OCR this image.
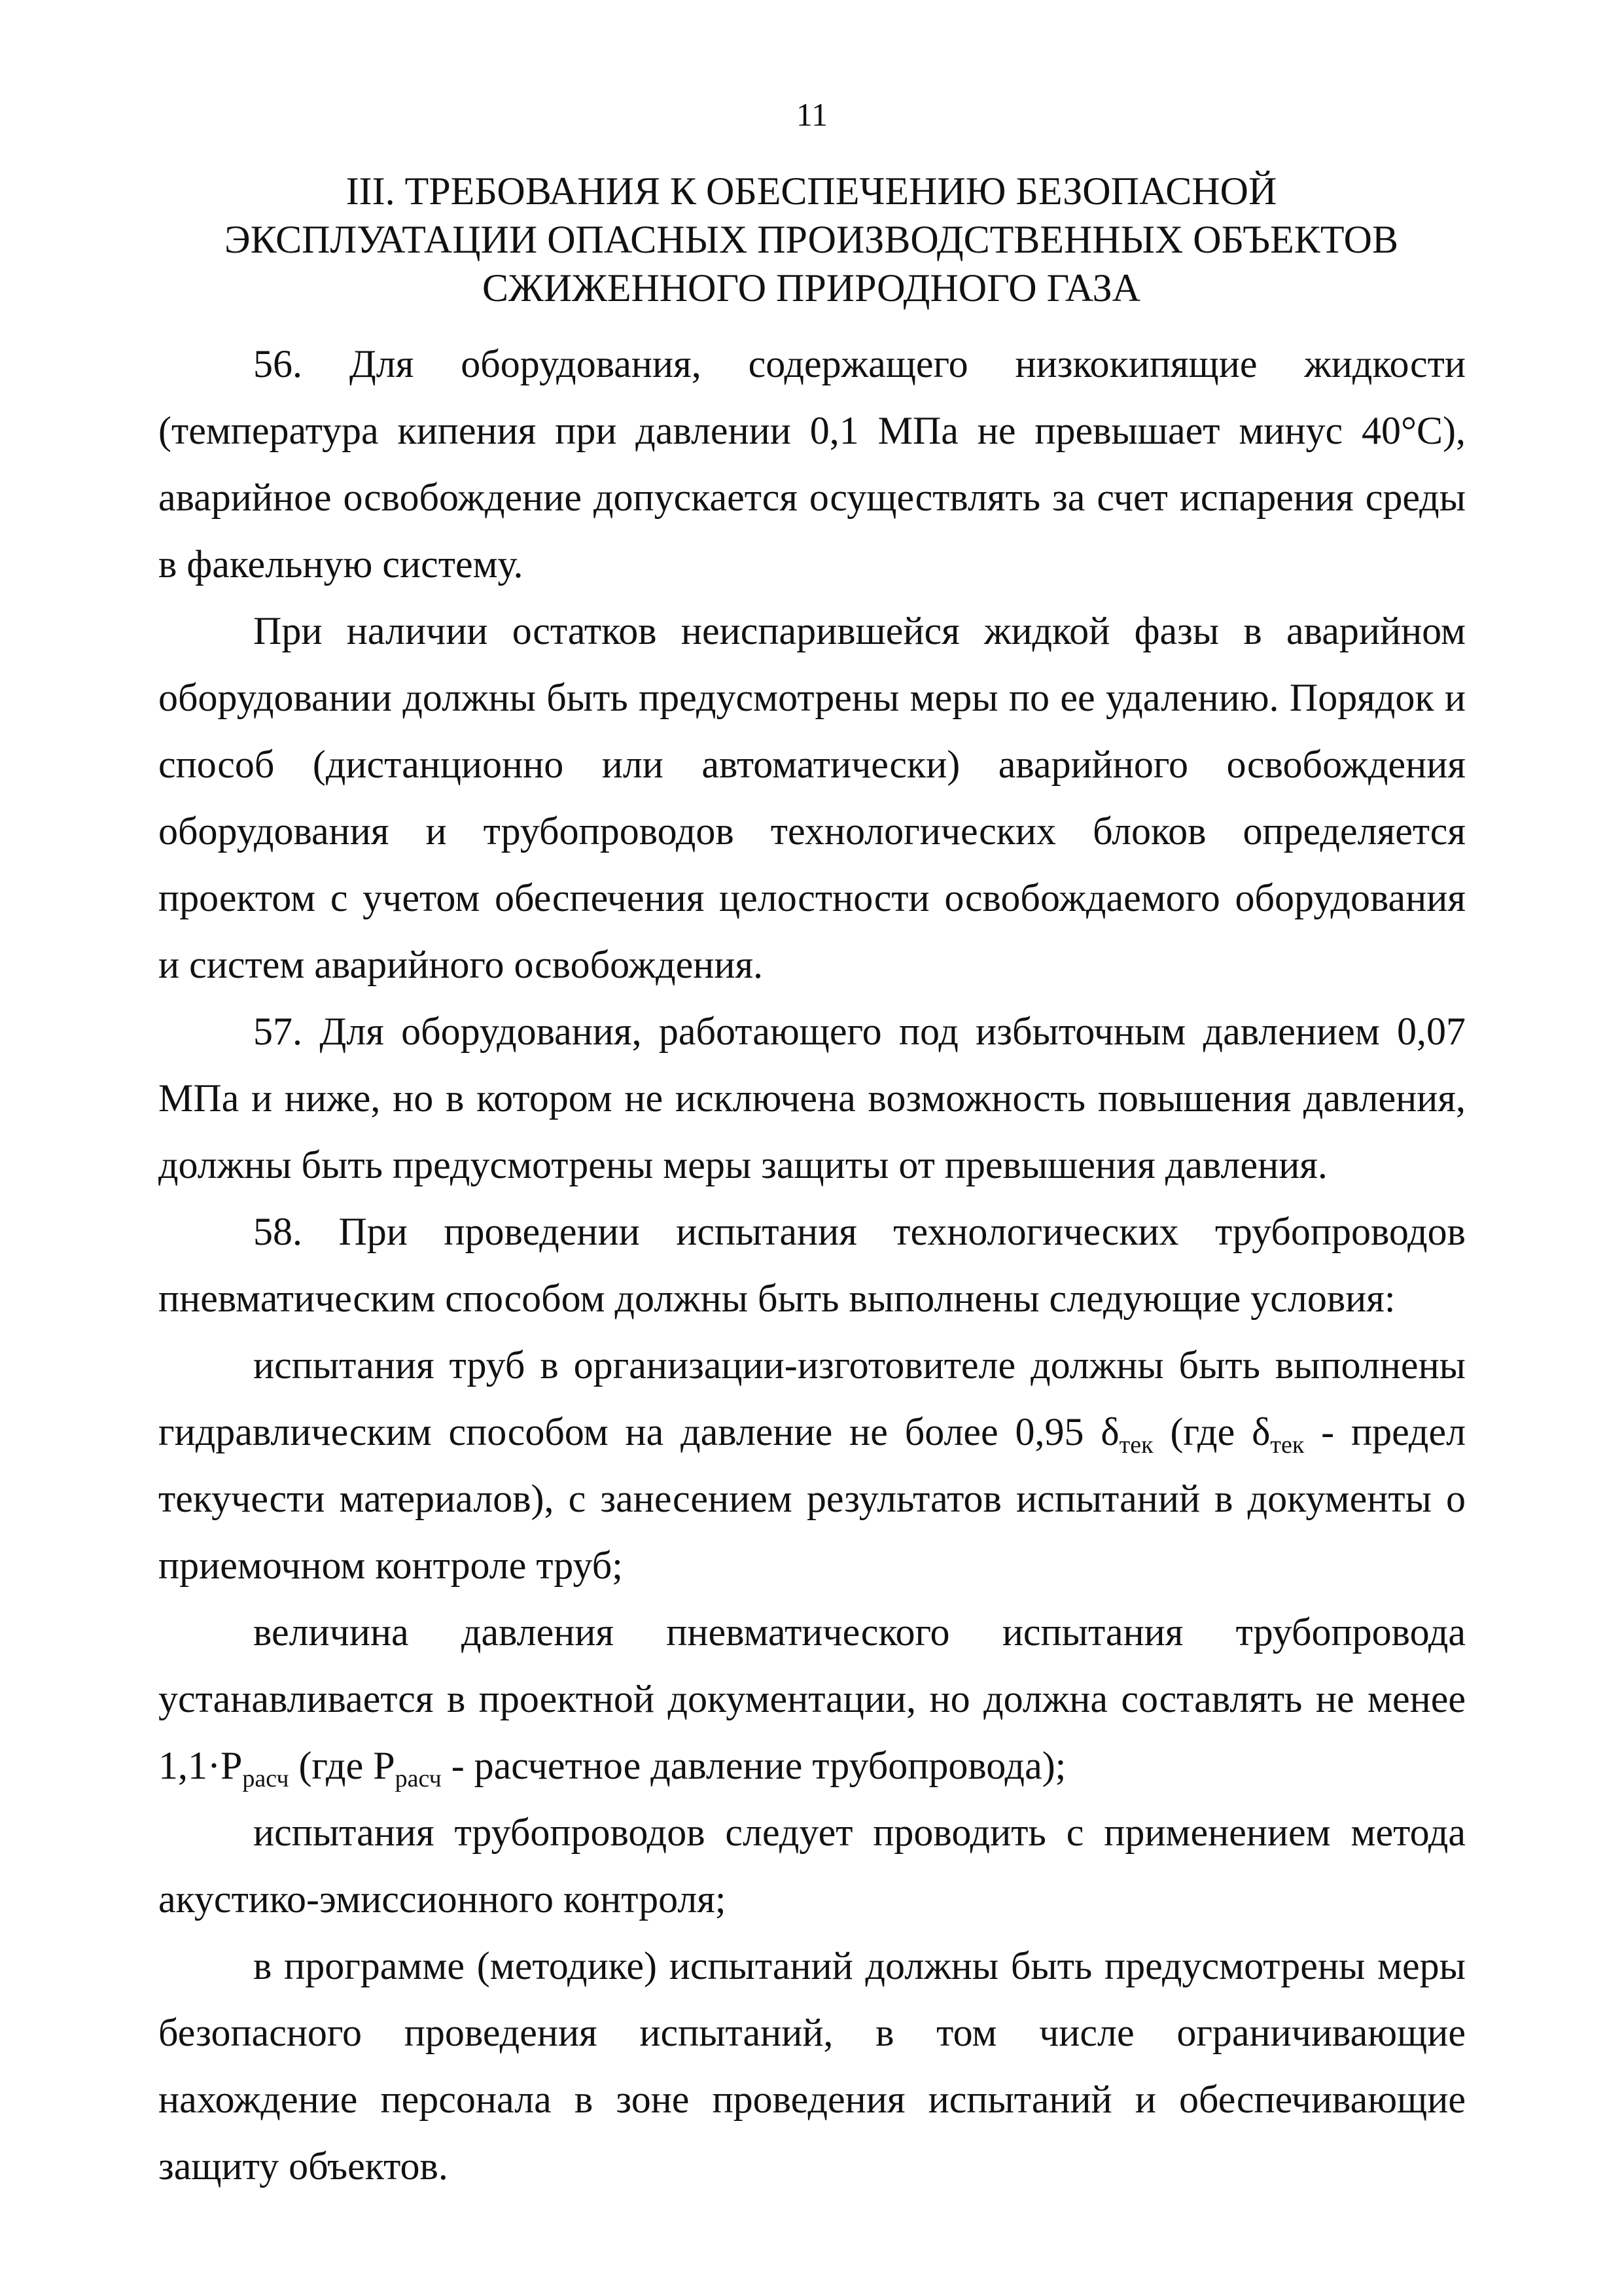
11
III. ТРЕБОВАНИЯ К ОБЕСПЕЧЕНИЮ БЕЗОПАСНОЙ
ЭКСПЛУАТАЦИИ ОПАСНЫХ ПРОИЗВОДСТВЕННЫХ ОБЪЕКТОВ
СЖИЖЕННОГО ПРИРОДНОГО ГАЗА

56. Для оборудования, содержащего низкокипящие жидкости (температура кипения при давлении 0,1 МПа не превышает минус 40°С), аварийное освобождение допускается осуществлять за счет испарения среды в факельную систему.

При наличии остатков неиспарившейся жидкой фазы в аварийном оборудовании должны быть предусмотрены меры по ее удалению. Порядок и способ (дистанционно или автоматически) аварийного освобождения оборудования и трубопроводов технологических блоков определяется проектом с учетом обеспечения целостности освобождаемого оборудования и систем аварийного освобождения.

57. Для оборудования, работающего под избыточным давлением 0,07 МПа и ниже, но в котором не исключена возможность повышения давления, должны быть предусмотрены меры защиты от превышения давления.

58. При проведении испытания технологических трубопроводов пневматическим способом должны быть выполнены следующие условия:

испытания труб в организации-изготовителе должны быть выполнены гидравлическим способом на давление не более 0,95 $\delta_{тек}$ (где $\delta_{тек}$ - предел текучести материалов), с занесением результатов испытаний в документы о приемочном контроле труб;

величина давления пневматического испытания трубопровода устанавливается в проектной документации, но должна составлять не менее $1,1\cdot P_{расч}$ (где $P_{расч}$ - расчетное давление трубопровода);

испытания трубопроводов следует проводить с применением метода акустико-эмиссионного контроля;

в программе (методике) испытаний должны быть предусмотрены меры безопасного проведения испытаний, в том числе ограничивающие нахождение персонала в зоне проведения испытаний и обеспечивающие защиту объектов.
